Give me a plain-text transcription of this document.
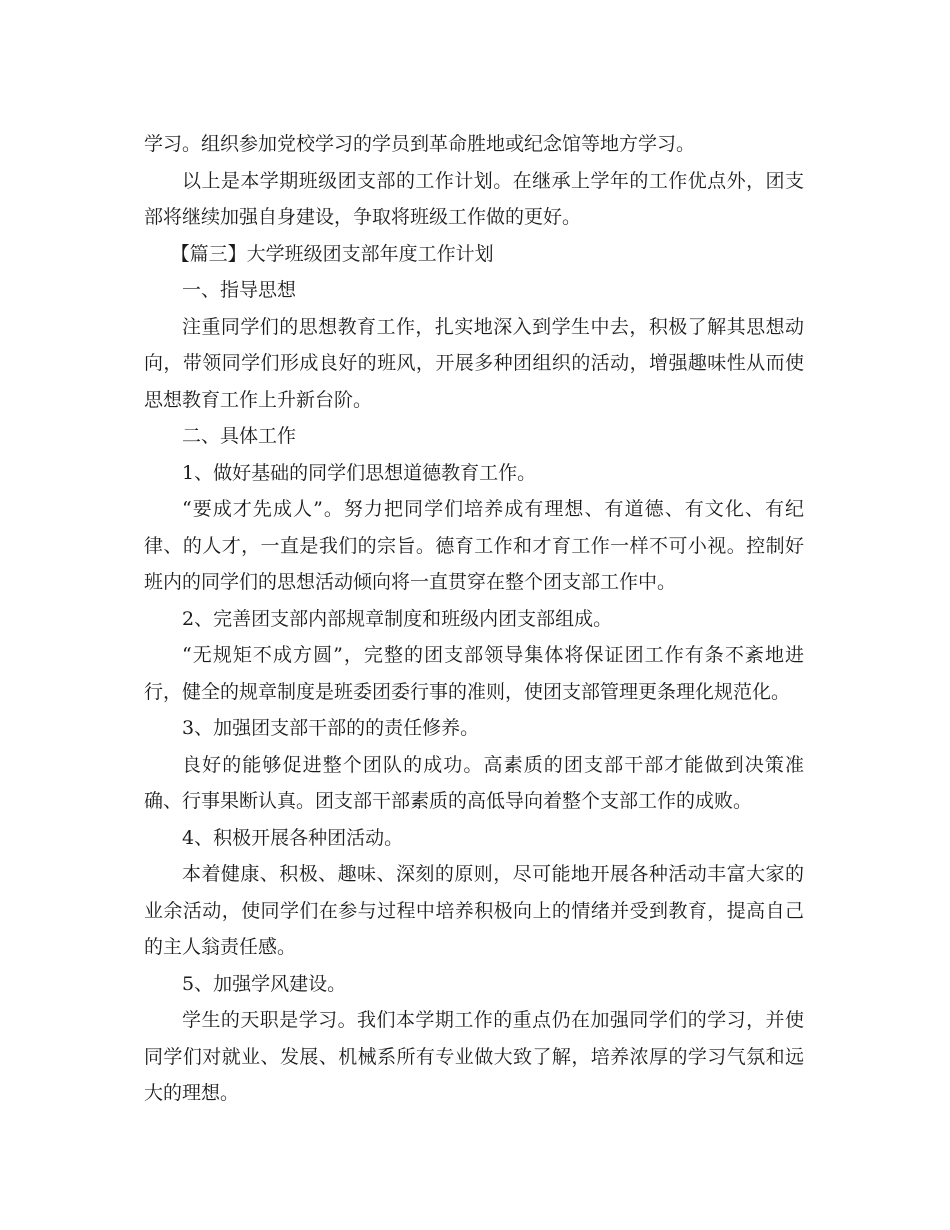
学习。组织参加党校学习的学员到革命胜地或纪念馆等地方学习。

以上是本学期班级团支部的工作计划。在继承上学年的工作优点外，团支部将继续加强自身建设，争取将班级工作做的更好。

【篇三】大学班级团支部年度工作计划

一、指导思想

注重同学们的思想教育工作，扎实地深入到学生中去，积极了解其思想动向，带领同学们形成良好的班风，开展多种团组织的活动，增强趣味性从而使思想教育工作上升新台阶。

二、具体工作

1、做好基础的同学们思想道德教育工作。

“要成才先成人”。努力把同学们培养成有理想、有道德、有文化、有纪律、的人才，一直是我们的宗旨。德育工作和才育工作一样不可小视。控制好班内的同学们的思想活动倾向将一直贯穿在整个团支部工作中。

2、完善团支部内部规章制度和班级内团支部组成。

“无规矩不成方圆”，完整的团支部领导集体将保证团工作有条不紊地进行，健全的规章制度是班委团委行事的准则，使团支部管理更条理化规范化。

3、加强团支部干部的的责任修养。

良好的能够促进整个团队的成功。高素质的团支部干部才能做到决策准确、行事果断认真。团支部干部素质的高低导向着整个支部工作的成败。

4、积极开展各种团活动。

本着健康、积极、趣味、深刻的原则，尽可能地开展各种活动丰富大家的业余活动，使同学们在参与过程中培养积极向上的情绪并受到教育，提高自己的主人翁责任感。

5、加强学风建设。

学生的天职是学习。我们本学期工作的重点仍在加强同学们的学习，并使同学们对就业、发展、机械系所有专业做大致了解，培养浓厚的学习气氛和远大的理想。
